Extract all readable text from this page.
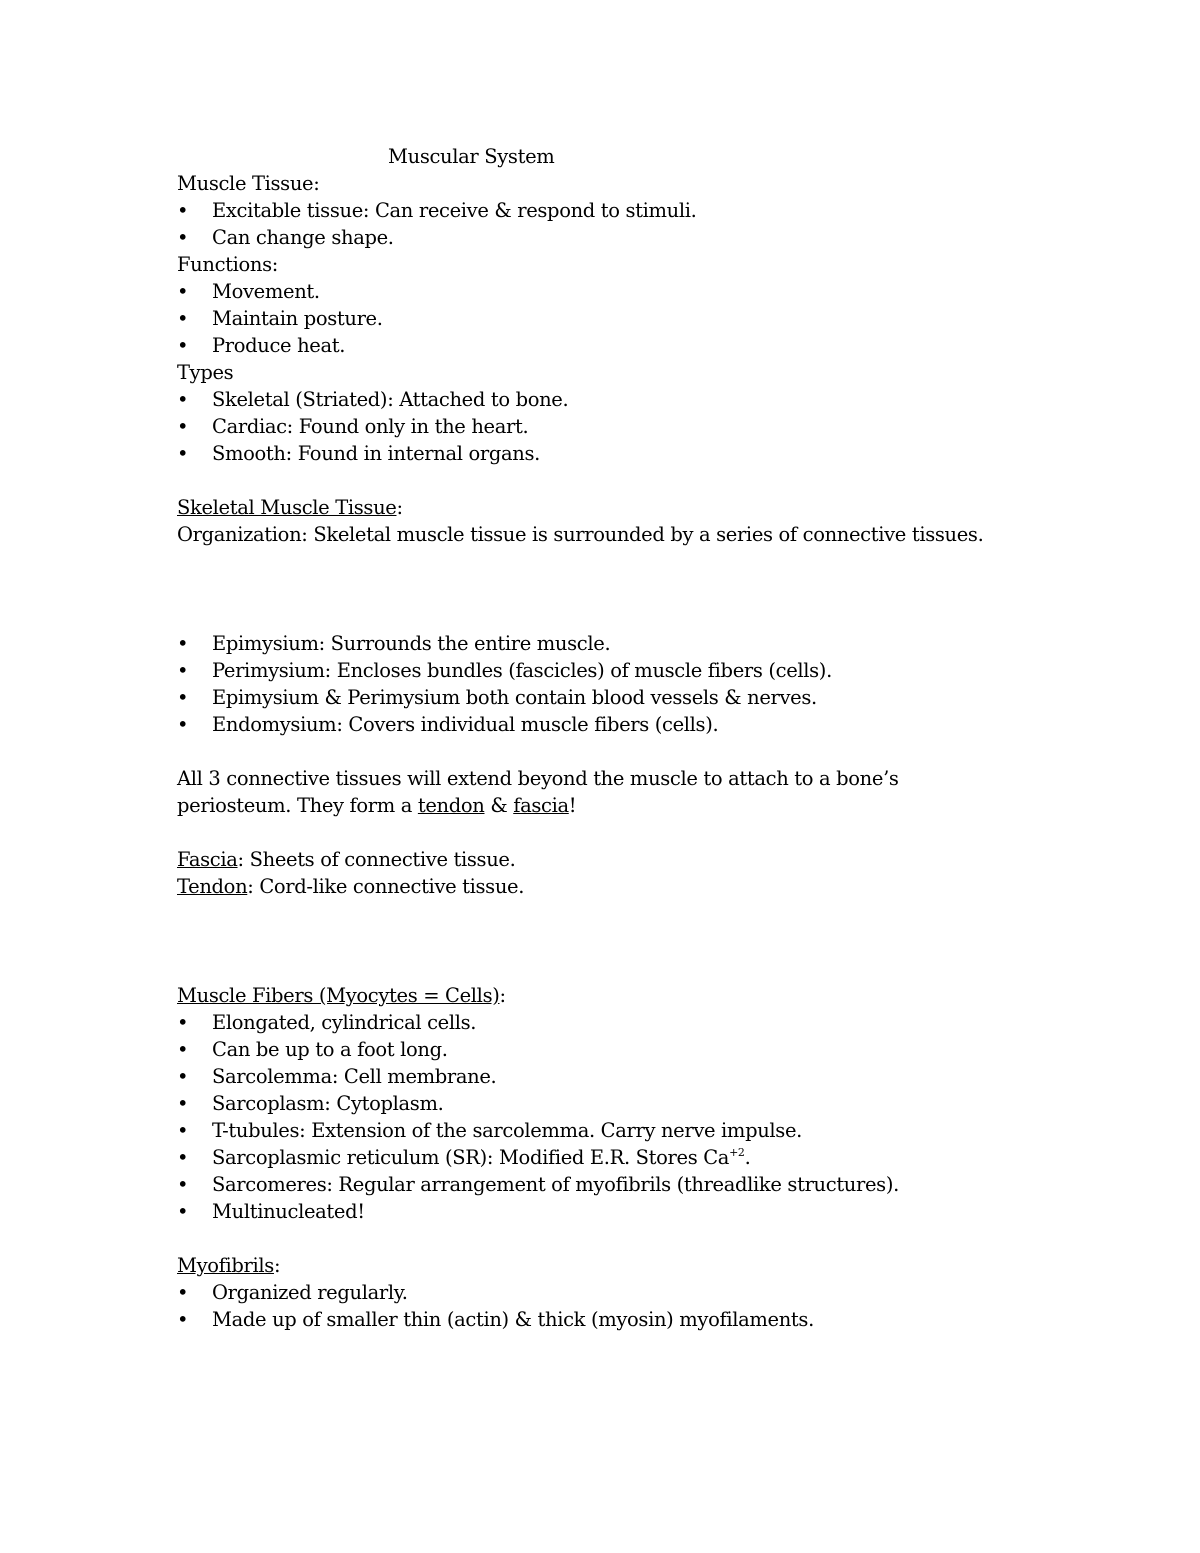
Muscular System
Muscle Tissue:
• Excitable tissue: Can receive & respond to stimuli.
• Can change shape.
Functions:
• Movement.
• Maintain posture.
• Produce heat.
Types
• Skeletal (Striated): Attached to bone.
• Cardiac: Found only in the heart.
• Smooth: Found in internal organs.
Skeletal Muscle Tissue:
Organization: Skeletal muscle tissue is surrounded by a series of connective tissues.
• Epimysium: Surrounds the entire muscle.
• Perimysium: Encloses bundles (fascicles) of muscle fibers (cells).
• Epimysium & Perimysium both contain blood vessels & nerves.
• Endomysium: Covers individual muscle fibers (cells).
All 3 connective tissues will extend beyond the muscle to attach to a bone’s
periosteum. They form a tendon & fascia!
Fascia: Sheets of connective tissue.
Tendon: Cord-like connective tissue.
Muscle Fibers (Myocytes = Cells):
• Elongated, cylindrical cells.
• Can be up to a foot long.
• Sarcolemma: Cell membrane.
• Sarcoplasm: Cytoplasm.
• T-tubules: Extension of the sarcolemma. Carry nerve impulse.
• Sarcoplasmic reticulum (SR): Modified E.R. Stores $Ca^{+2}$.
• Sarcomeres: Regular arrangement of myofibrils (threadlike structures).
• Multinucleated!
Myofibrils:
• Organized regularly.
• Made up of smaller thin (actin) & thick (myosin) myofilaments.
